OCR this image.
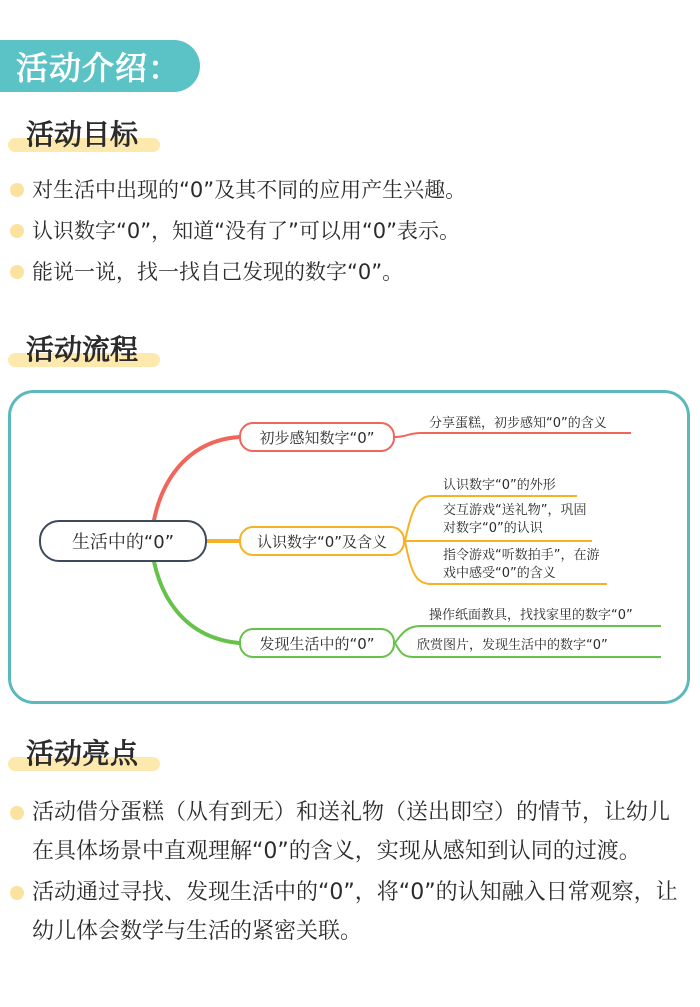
活动介绍：
活动目标
对生活中出现的“0”及其不同的应用产生兴趣。
认识数字“0”，知道“没有了”可以用“0”表示。
能说一说，找一找自己发现的数字“0”。
活动流程
生活中的“0”
初步感知数字“0”
认识数字“0”及含义
发现生活中的“0”
分享蛋糕，初步感知“0”的含义
认识数字“0”的外形
交互游戏“送礼物”，巩固对数字“0”的认识
指令游戏“听数拍手”，在游戏中感受“0”的含义
操作纸面教具，找找家里的数字“0”
欣赏图片，发现生活中的数字“0”
活动亮点
活动借分蛋糕（从有到无）和送礼物（送出即空）的情节，让幼儿在具体场景中直观理解“0”的含义，实现从感知到认同的过渡。
活动通过寻找、发现生活中的“0”，将“0”的认知融入日常观察，让幼儿体会数学与生活的紧密关联。
